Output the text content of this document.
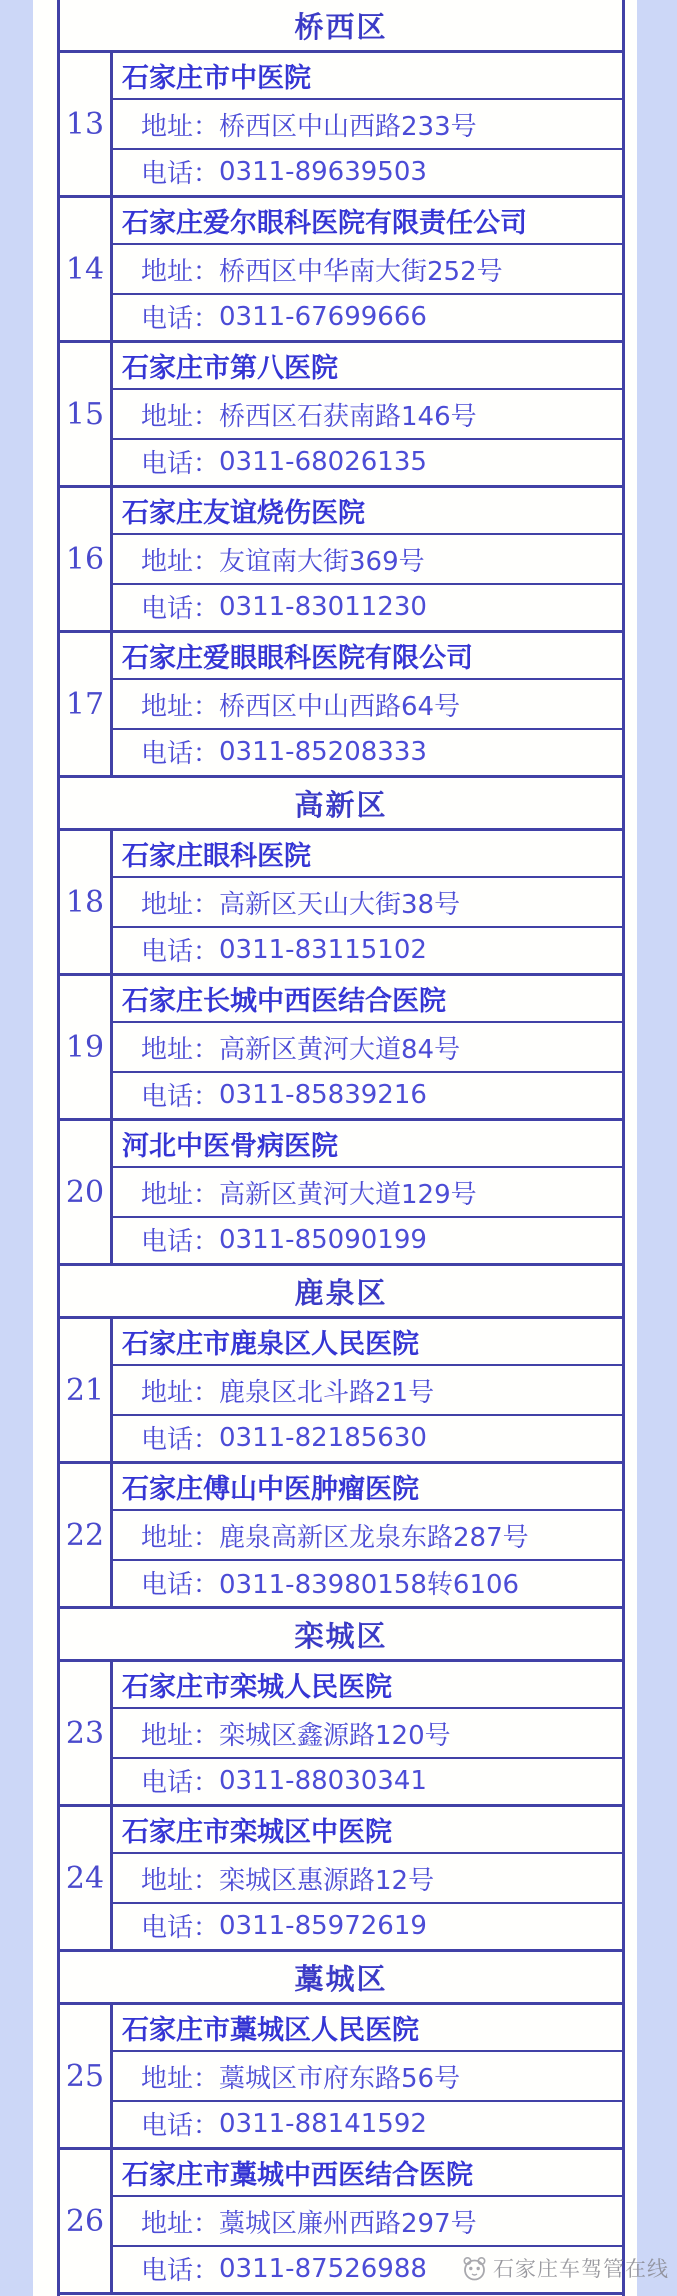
桥西区
13
石家庄市中医院
地址： 桥西区中山西路233号
电话： 0311-89639503
14
石家庄爱尔眼科医院有限责任公司
地址： 桥西区中华南大街252号
电话： 0311-67699666
15
石家庄市第八医院
地址： 桥西区石获南路146号
电话： 0311-68026135
16
石家庄友谊烧伤医院
地址： 友谊南大街369号
电话： 0311-83011230
17
石家庄爱眼眼科医院有限公司
地址： 桥西区中山西路64号
电话： 0311-85208333
高新区
18
石家庄眼科医院
地址： 高新区天山大街38号
电话： 0311-83115102
19
石家庄长城中西医结合医院
地址： 高新区黄河大道84号
电话： 0311-85839216
20
河北中医骨病医院
地址： 高新区黄河大道129号
电话： 0311-85090199
鹿泉区
21
石家庄市鹿泉区人民医院
地址： 鹿泉区北斗路21号
电话： 0311-82185630
22
石家庄傅山中医肿瘤医院
地址： 鹿泉高新区龙泉东路287号
电话： 0311-83980158转6106
栾城区
23
石家庄市栾城人民医院
地址： 栾城区鑫源路120号
电话： 0311-88030341
24
石家庄市栾城区中医院
地址： 栾城区惠源路12号
电话： 0311-85972619
藁城区
25
石家庄市藁城区人民医院
地址： 藁城区市府东路56号
电话： 0311-88141592
26
石家庄市藁城中西医结合医院
地址： 藁城区廉州西路297号
电话： 0311-87526988	石家庄车驾管在线
